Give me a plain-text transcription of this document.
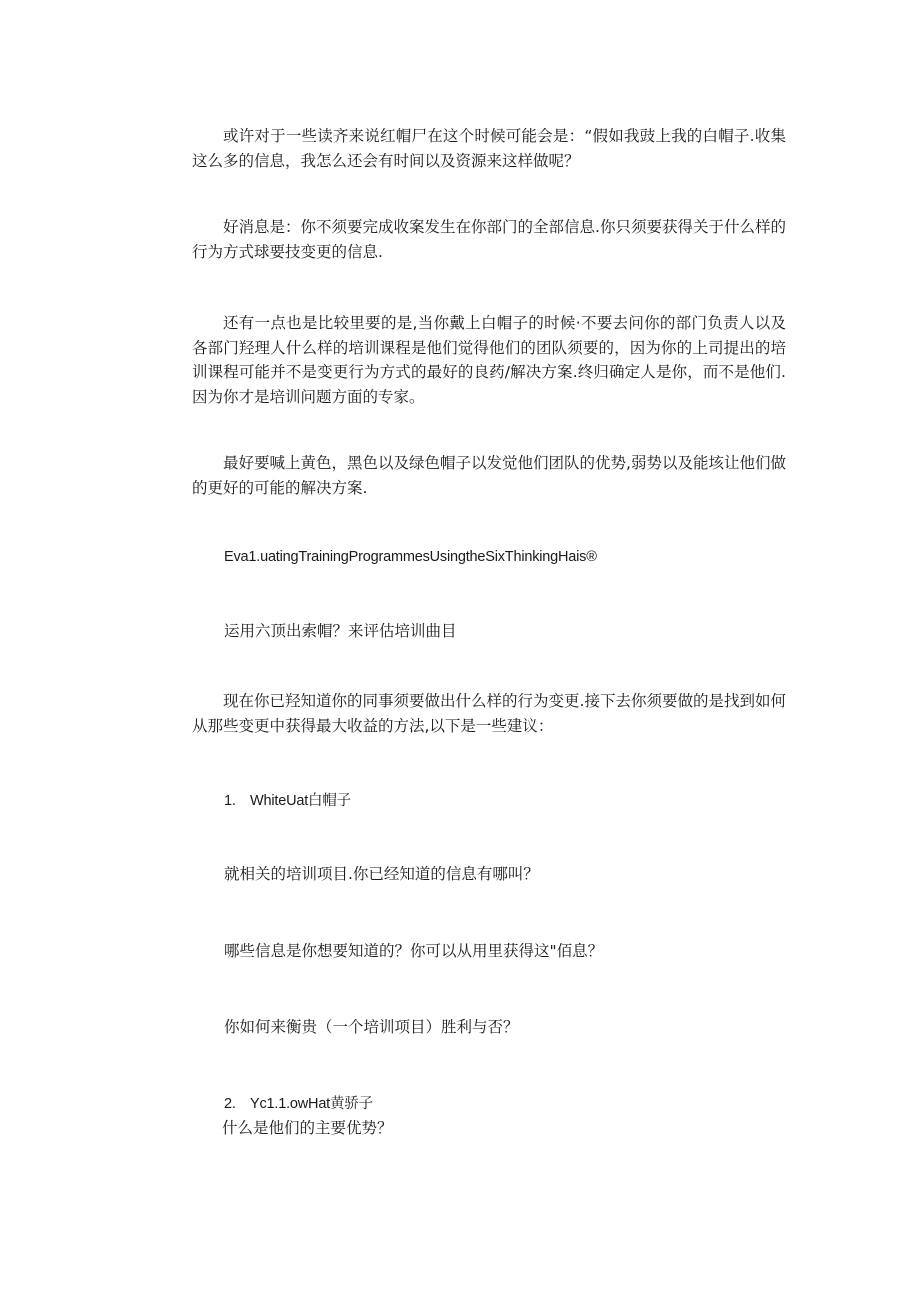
或许对于一些读齐来说红帽尸在这个时候可能会是：“假如我豉上我的白帽子.收集这么多的信息，我怎么还会有时间以及资源来这样做呢？

好消息是：你不须要完成收案发生在你部门的全部信息.你只须要获得关于什么样的行为方式球要技变更的信息.

还有一点也是比较里要的是,当你戴上白帽子的时候·不要去问你的部门负责人以及各部门羟理人什么样的培训课程是他们觉得他们的团队须要的，因为你的上司提出的培训课程可能并不是变更行为方式的最好的良药/解决方案.终归确定人是你，而不是他们.因为你才是培训问题方面的专家。

最好要喊上黄色，黑色以及绿色帽子以发觉他们团队的优势,弱势以及能垓让他们做的更好的可能的解决方案.

Eva1.uatingTrainingProgrammesUsingtheSixThinkingHais®

运用六顶出索帽？来评估培训曲目

现在你已羟知道你的同事须要做出什么样的行为变更.接下去你须要做的是找到如何从那些变更中获得最大收益的方法,以下是一些建议：

1. WhiteUat白帽子

就相关的培训项目.你已经知道的信息有哪叫？

哪些信息是你想要知道的？你可以从用里获得这"佰息？

你如何来衡贵（一个培训项目）胜利与否？

2. Yc1.1.owHat黄骄子

什么是他们的主要优势？
